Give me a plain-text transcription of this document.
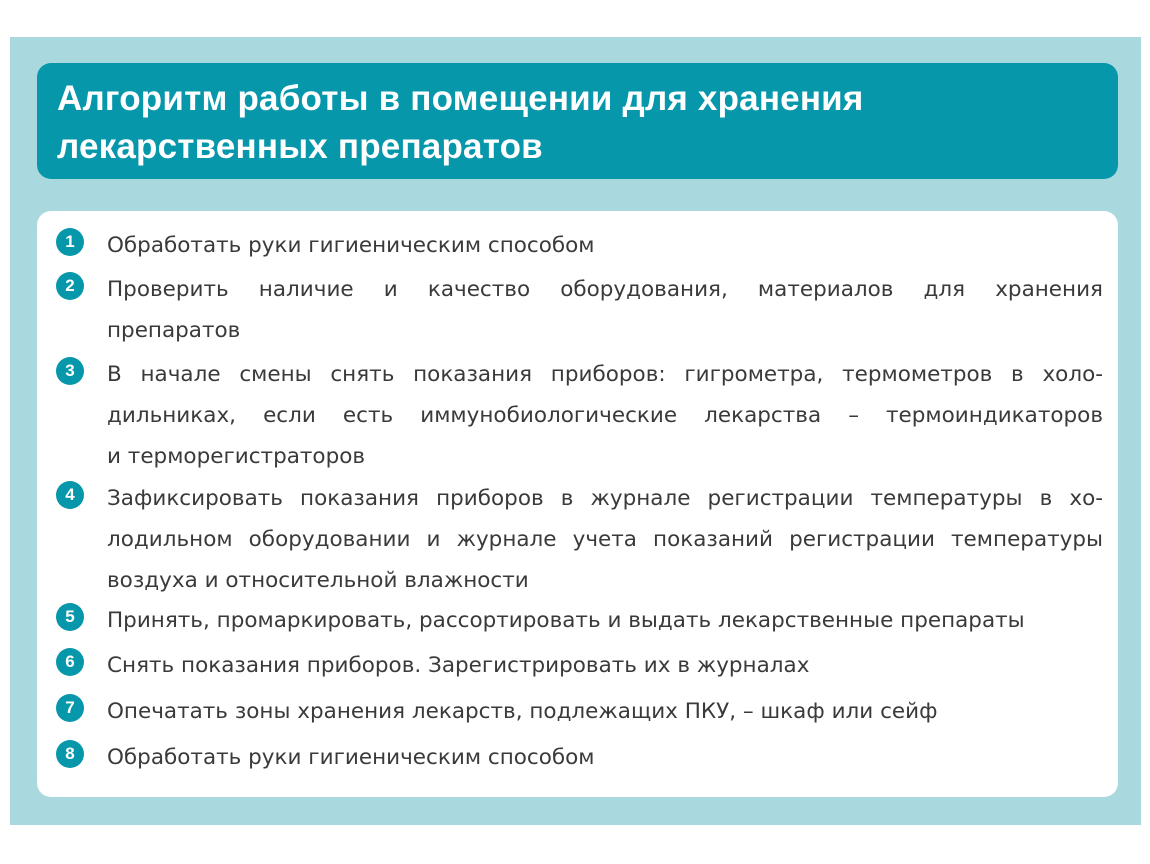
Алгоритм работы в помещении для хранения
лекарственных препаратов
1	Обработать руки гигиеническим способом
2	Проверить наличие и качество оборудования, материалов для хранения
препаратов
3	В начале смены снять показания приборов: гигрометра, термометров в холо-
дильниках, если есть иммунобиологические лекарства – термоиндикаторов
и терморегистраторов
4	Зафиксировать показания приборов в журнале регистрации температуры в хо-
лодильном оборудовании и журнале учета показаний регистрации температуры
воздуха и относительной влажности
5	Принять, промаркировать, рассортировать и выдать лекарственные препараты
6	Снять показания приборов. Зарегистрировать их в журналах
7	Опечатать зоны хранения лекарств, подлежащих ПКУ, – шкаф или сейф
8	Обработать руки гигиеническим способом
